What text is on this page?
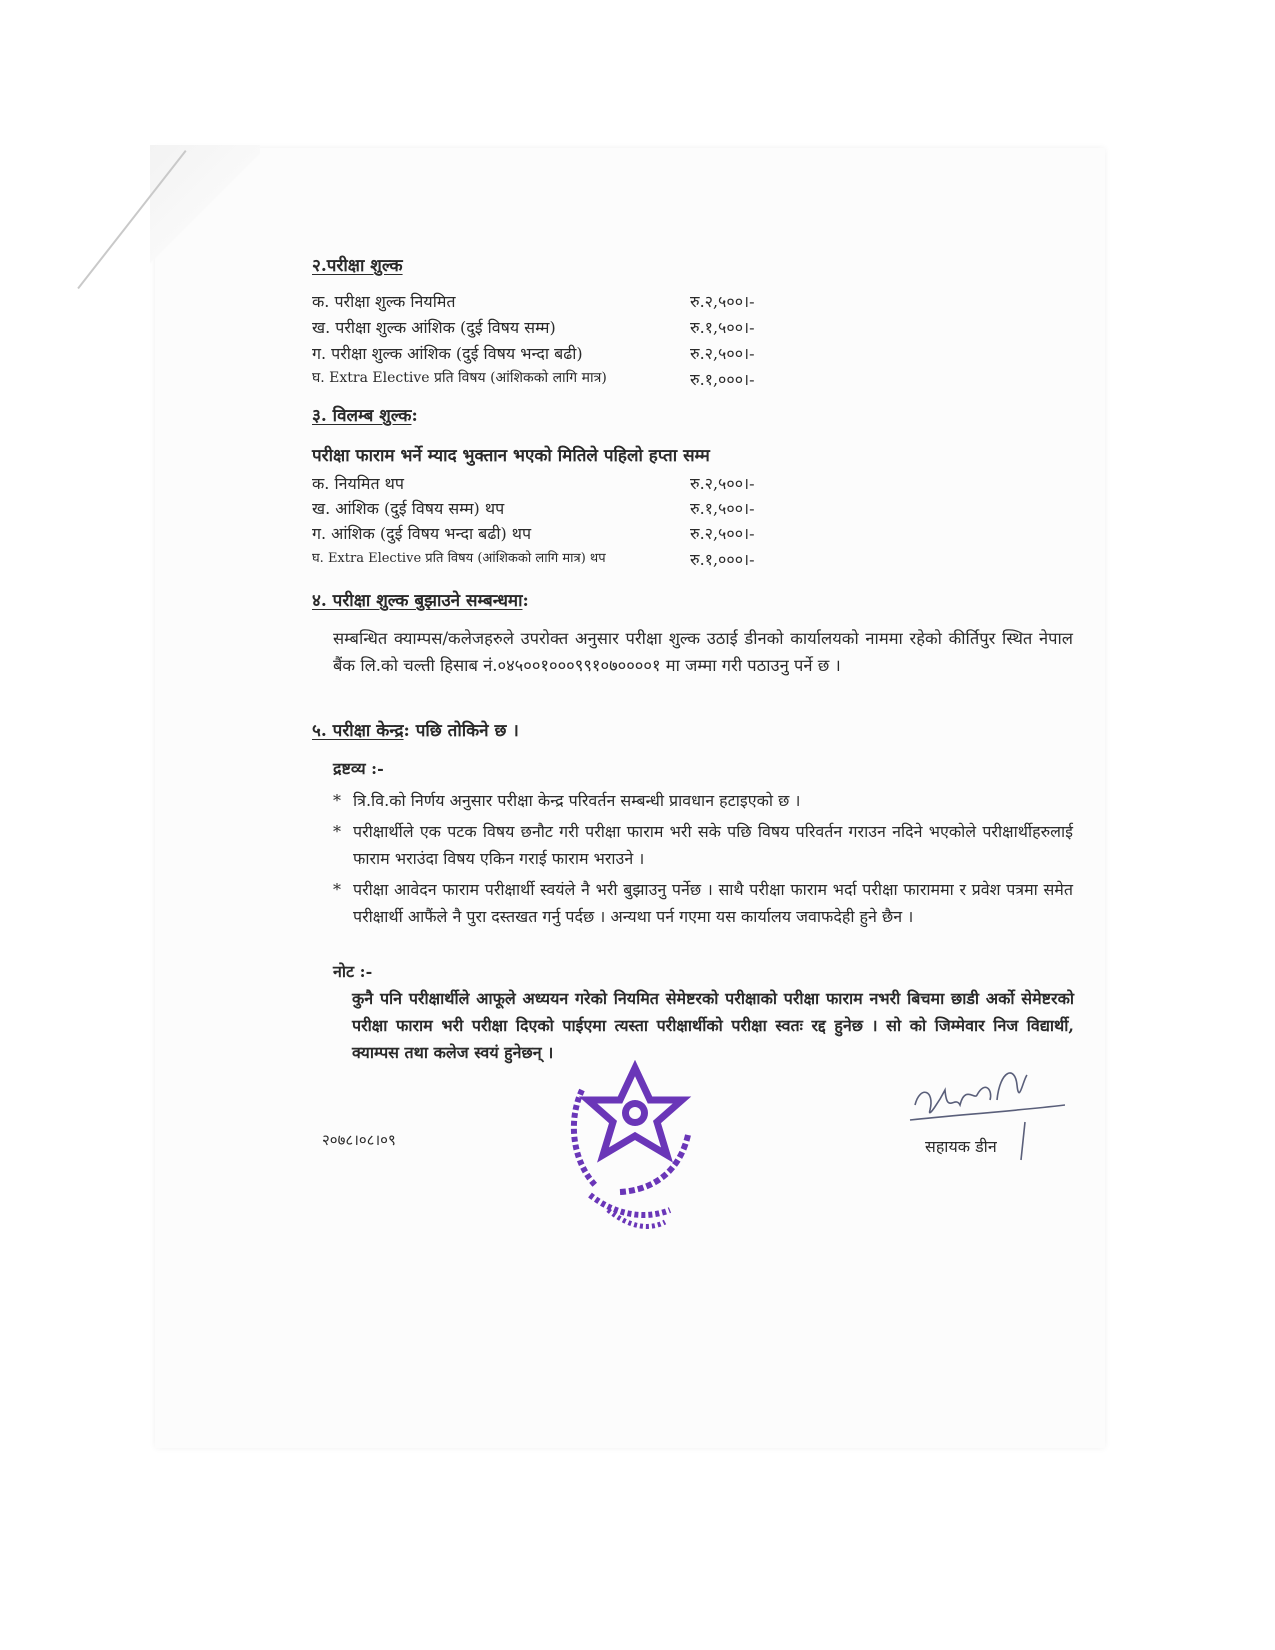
२.परीक्षा शुल्क
क. परीक्षा शुल्क नियमित	रु.२,५००।-
ख. परीक्षा शुल्क आंशिक (दुई विषय सम्म)	रु.१,५००।-
ग. परीक्षा शुल्क आंशिक (दुई विषय भन्दा बढी)	रु.२,५००।-
घ. Extra Elective प्रति विषय (आंशिकको लागि मात्र)	रु.१,०००।-
३. विलम्ब शुल्क:
परीक्षा फाराम भर्ने म्याद भुक्तान भएको मितिले पहिलो हप्ता सम्म
क. नियमित थप	रु.२,५००।-
ख. आंशिक (दुई विषय सम्म) थप	रु.१,५००।-
ग. आंशिक (दुई विषय भन्दा बढी) थप	रु.२,५००।-
घ. Extra Elective प्रति विषय (आंशिकको लागि मात्र) थप	रु.१,०००।-
४. परीक्षा शुल्क बुझाउने सम्बन्धमा:
सम्बन्धित क्याम्पस/कलेजहरुले उपरोक्त अनुसार परीक्षा शुल्क उठाई डीनको कार्यालयको नाममा रहेको कीर्तिपुर स्थित नेपाल बैंक लि.को चल्ती हिसाब नं.०४५००१०००९९१०७००००१ मा जम्मा गरी पठाउनु पर्ने छ ।
५. परीक्षा केन्द्र: पछि तोकिने छ ।
द्रष्टव्य :-
* त्रि.वि.को निर्णय अनुसार परीक्षा केन्द्र परिवर्तन सम्बन्धी प्रावधान हटाइएको छ ।
* परीक्षार्थीले एक पटक विषय छनौट गरी परीक्षा फाराम भरी सके पछि विषय परिवर्तन गराउन नदिने भएकोले परीक्षार्थीहरुलाई फाराम भराउंदा विषय एकिन गराई फाराम भराउने ।
* परीक्षा आवेदन फाराम परीक्षार्थी स्वयंले नै भरी बुझाउनु पर्नेछ । साथै परीक्षा फाराम भर्दा परीक्षा फाराममा र प्रवेश पत्रमा समेत परीक्षार्थी आफैंले नै पुरा दस्तखत गर्नु पर्दछ । अन्यथा पर्न गएमा यस कार्यालय जवाफदेही हुने छैन ।
नोट :-
कुनै पनि परीक्षार्थीले आफूले अध्ययन गरेको नियमित सेमेष्टरको परीक्षाको परीक्षा फाराम नभरी बिचमा छाडी अर्को सेमेष्टरको परीक्षा फाराम भरी परीक्षा दिएको पाईएमा त्यस्ता परीक्षार्थीको परीक्षा स्वतः रद्द हुनेछ । सो को जिम्मेवार निज विद्यार्थी, क्याम्पस तथा कलेज स्वयं हुनेछन् ।
२०७८।०८।०९	सहायक डीन
